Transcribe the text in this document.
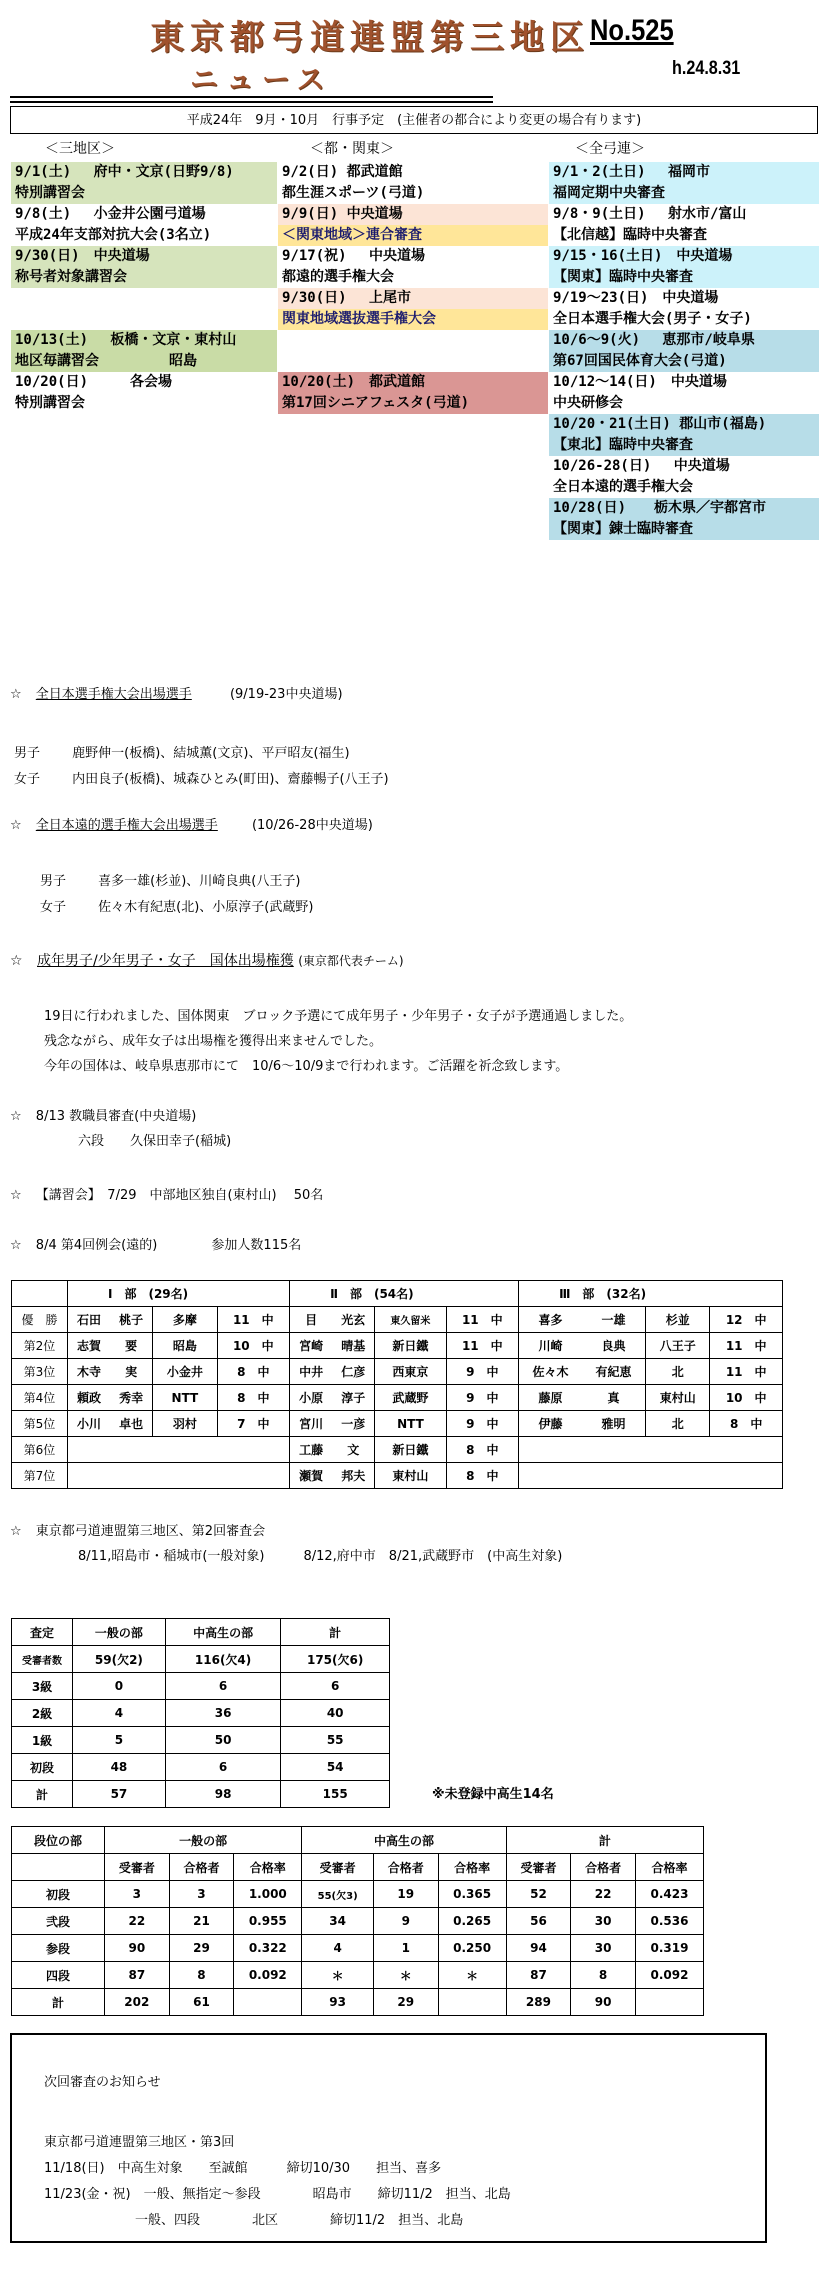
東京都弓道連盟第三地区
ニュース
No.525
h.24.8.31
平成24年　9月・10月　行事予定　(主催者の都合により変更の場合有ります)
＜三地区＞	＜都・関東＞	＜全弓連＞
9/1(土)　 府中・文京(日野9/8)
特別講習会
9/8(土)　 小金井公園弓道場
平成24年支部対抗大会(3名立)
9/30(日)　中央道場
称号者対象講習会
10/13(土)　 板橋・文京・東村山
地区毎講習会　　　　　昭島
10/20(日)　　　各会場
特別講習会
9/2(日) 都武道館
都生涯スポーツ(弓道)
9/9(日) 中央道場
＜関東地域＞連合審査
9/17(祝)　 中央道場
都遠的選手権大会
9/30(日)　 上尾市
関東地域選抜選手権大会
10/20(土)　都武道館
第17回シニアフェスタ(弓道)
9/1・2(土日)　 福岡市
福岡定期中央審査
9/8・9(土日)　 射水市/富山
【北信越】臨時中央審査
9/15・16(土日)　中央道場
【関東】臨時中央審査
9/19～23(日)　中央道場
全日本選手権大会(男子・女子)
10/6～9(火)　 恵那市/岐阜県
第67回国民体育大会(弓道)
10/12～14(日)　中央道場
中央研修会
10/20・21(土日) 郡山市(福島)
【東北】臨時中央審査
10/26-28(日)　 中央道場
全日本遠的選手権大会
10/28(日)　　栃木県／宇都宮市
【関東】錬士臨時審査
☆ 全日本選手権大会出場選手	(9/19-23中央道場)
男子 鹿野伸一(板橋)、結城薫(文京)、平戸昭友(福生)
女子 内田良子(板橋)、城森ひとみ(町田)、齋藤暢子(八王子)
☆ 全日本遠的選手権大会出場選手	(10/26-28中央道場)
男子 喜多一雄(杉並)、川崎良典(八王子)
女子 佐々木有紀恵(北)、小原淳子(武蔵野)
☆ 成年男子/少年男子・女子　国体出場権獲 (東京都代表チーム)
19日に行われました、国体関東　ブロック予選にて成年男子・少年男子・女子が予選通過しました。
残念ながら、成年女子は出場権を獲得出来ませんでした。
今年の国体は、岐阜県恵那市にて　10/6～10/9まで行われます。ご活躍を祈念致します。
☆ 8/13 教職員審査(中央道場)
六段　　久保田幸子(稲城)
☆ 【講習会】　7/29　中部地区独自(東村山)　 50名
☆ 8/4 第4回例会(遠的)	参加人数115名
	Ⅰ　部　(29名)				Ⅱ　部　(54名)				Ⅲ　部　(32名)			
優　勝	石田	桃子	多摩	11　中	目	光玄	東久留米	11　中	喜多	一雄	杉並	12　中
第2位	志賀	要	昭島	10　中	宮崎	晴基	新日鐵	11　中	川崎	良典	八王子	11　中
第3位	木寺	実	小金井	8　中	中井	仁彦	西東京	9　中	佐々木	有紀恵	北	11　中
第4位	頼政	秀幸	NTT	8　中	小原	淳子	武蔵野	9　中	藤原	真	東村山	10　中
第5位	小川	卓也	羽村	7　中	宮川	一彦	NTT	9　中	伊藤	雅明	北	8　中
第6位					工藤	文	新日鐵	8　中				
第7位					瀬賀	邦夫	東村山	8　中				
☆ 東京都弓道連盟第三地区、第2回審査会
8/11,昭島市・稲城市(一般対象)　　　8/12,府中市　8/21,武蔵野市　(中高生対象)
査定	一般の部	中高生の部	計
受審者数	59(欠2)	116(欠4)	175(欠6)
3級	0	6	6
2級	4	36	40
1級	5	50	55
初段	48	6	54
計	57	98	155	※未登録中高生14名
段位の部	一般の部			中高生の部			計		
	受審者	合格者	合格率	受審者	合格者	合格率	受審者	合格者	合格率
初段	3	3	1.000	55(欠3)	19	0.365	52	22	0.423
弐段	22	21	0.955	34	9	0.265	56	30	0.536
参段	90	29	0.322	4	1	0.250	94	30	0.319
四段	87	8	0.092	＊	＊	＊	87	8	0.092
計	202	61		93	29		289	90	
次回審査のお知らせ
東京都弓道連盟第三地区・第3回
11/18(日)　中高生対象　　至誠館　　　締切10/30　　担当、喜多
11/23(金・祝)　一般、無指定～参段　　　　昭島市　　締切11/2　担当、北島
　　　　　　　一般、四段　　　　北区　　　　締切11/2　担当、北島
